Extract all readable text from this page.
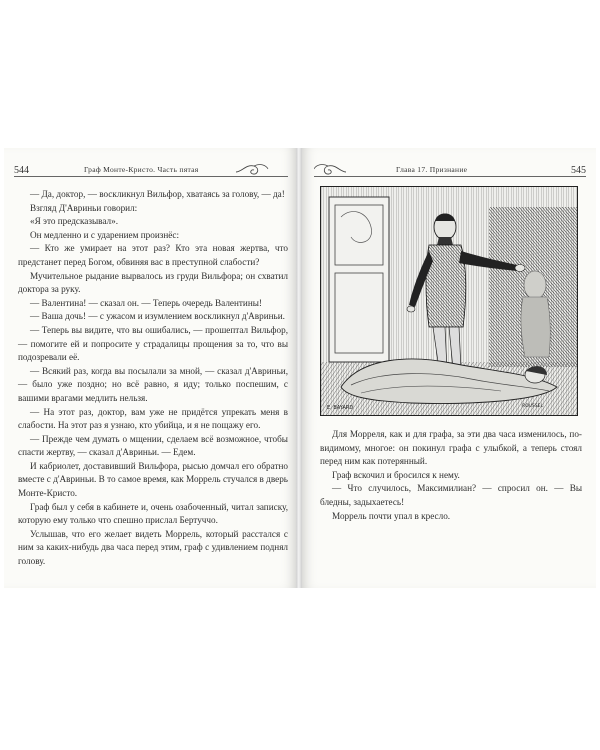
544	Граф Монте-Кристо. Часть пятая

— Да, доктор, — воскликнул Вильфор, хватаясь за голову, — да!

Взгляд Д'Авриньи говорил:

«Я это предсказывал».

Он медленно и с ударением произнёс:

— Кто же умирает на этот раз? Кто эта новая жертва, что предстанет перед Богом, обвиняя вас в преступной слабости?

Мучительное рыдание вырвалось из груди Вильфора; он схватил доктора за руку.

— Валентина! — сказал он. — Теперь очередь Валентины!

— Ваша дочь! — с ужасом и изумлением воскликнул д'Авриньи.

— Теперь вы видите, что вы ошибались, — прошептал Вильфор, — помогите ей и попросите у страдалицы прощения за то, что вы подозревали её.

— Всякий раз, когда вы посылали за мной, — сказал д'Авриньи, — было уже поздно; но всё равно, я иду; только поспешим, с вашими врагами медлить нельзя.

— На этот раз, доктор, вам уже не придётся упрекать меня в слабости. На этот раз я узнаю, кто убийца, и я не пощажу его.

— Прежде чем думать о мщении, сделаем всё возможное, чтобы спасти жертву, — сказал д'Авриньи. — Едем.

И кабриолет, доставивший Вильфора, рысью домчал его обратно вместе с д'Авриньи. В то самое время, как Моррель стучался в дверь Монте-Кристо.

Граф был у себя в кабинете и, очень озабоченный, читал записку, которую ему только что спешно прислал Бертуччо.

Услышав, что его желает видеть Моррель, который расстался с ним за каких-нибудь два часа перед этим, граф с удивлением поднял голову.

Глава 17. Признание	545
E. BAYARD	ROUSSEL

Для Морреля, как и для графа, за эти два часа изменилось, по-видимому, многое: он покинул графа с улыбкой, а теперь стоял перед ним как потерянный.

Граф вскочил и бросился к нему.

— Что случилось, Максимилиан? — спросил он. — Вы бледны, задыхаетесь!

Моррель почти упал в кресло.
